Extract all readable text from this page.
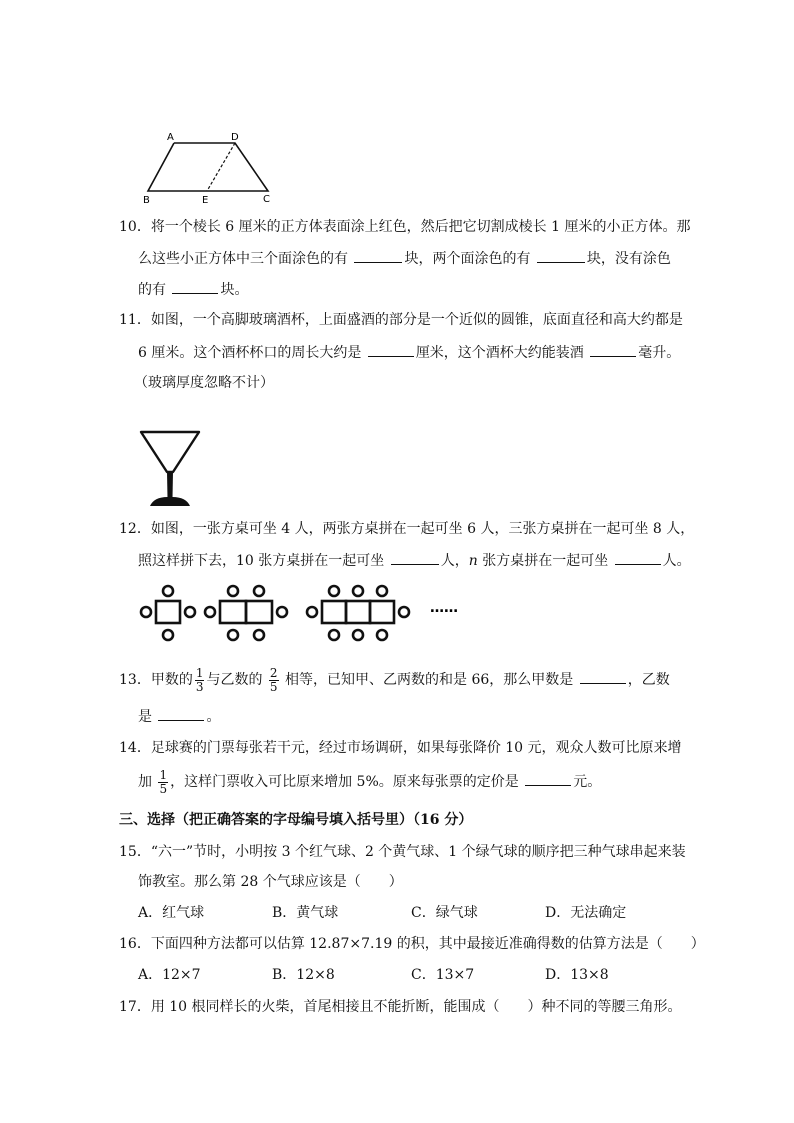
A	D
B	E	C
10．将一个棱长 6 厘米的正方体表面涂上红色，然后把它切割成棱长 1 厘米的小正方体。那
么这些小正方体中三个面涂色的有	块，两个面涂色的有	块，没有涂色
的有	块。
11．如图，一个高脚玻璃酒杯，上面盛酒的部分是一个近似的圆锥，底面直径和高大约都是
6 厘米。这个酒杯杯口的周长大约是	厘米，这个酒杯大约能装酒	毫升。
（玻璃厚度忽略不计）
12．如图，一张方桌可坐 4 人，两张方桌拼在一起可坐 6 人，三张方桌拼在一起可坐 8 人，
照这样拼下去，10 张方桌拼在一起可坐	人，n 张方桌拼在一起可坐	人。
……
13．甲数的 $\frac{1}{3}$ 与乙数的 $\frac{2}{5}$ 相等，已知甲、乙两数的和是 66，那么甲数是	，乙数
是	。
14．足球赛的门票每张若干元，经过市场调研，如果每张降价 10 元，观众人数可比原来增
加 $\frac{1}{5}$ ，这样门票收入可比原来增加 5%。原来每张票的定价是	元。
三、选择（把正确答案的字母编号填入括号里）（16 分）
15．“六一”节时，小明按 3 个红气球、2 个黄气球、1 个绿气球的顺序把三种气球串起来装
饰教室。那么第 28 个气球应该是（　　）
A．红气球	B．黄气球	C．绿气球	D．无法确定
16．下面四种方法都可以估算 12.87×7.19 的积，其中最接近准确得数的估算方法是（　　）
A．12×7	B．12×8	C．13×7	D．13×8
17．用 10 根同样长的火柴，首尾相接且不能折断，能围成（　　）种不同的等腰三角形。
